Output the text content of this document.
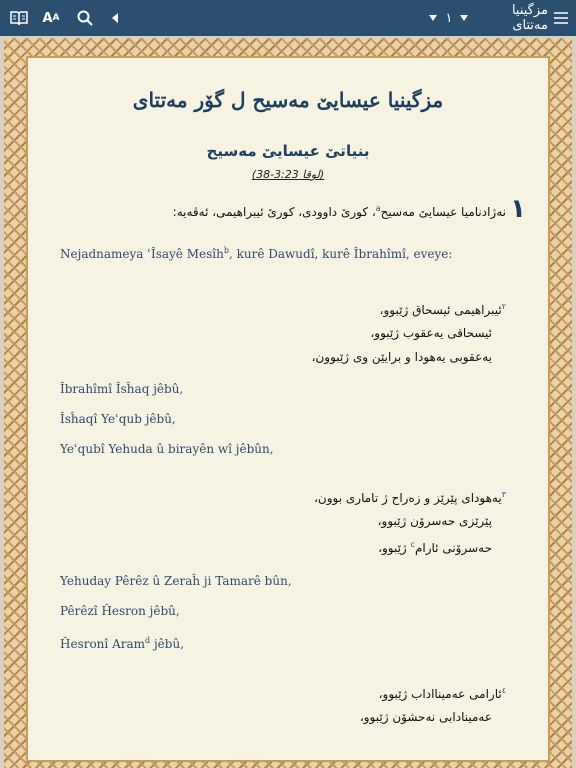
A A	١	مزگینیا مەتتای
مزگینیا عیسایێ مەسیح ل گۆر مەتتای
بنیاتێ عیسایێ مەسیح
(لوقا 3:23-38)
١
نەژادناميا عیسایێ مەسیح$^a$، کورێ داوودی، کورێ ئیبراهیمی، ئەڤەیە:
Nejadnameya ʿÎsayê Mesîh$^b$, kurê Dawudî, kurê Îbrahîmî, eveye:
$^٢$ئیبراهیمی ئیسحاق ژێبوو،
ئیسحاقی یەعقوب ژێبوو،
یەعقوبی یەهودا و برایێن وی ژێبوون،
Îbrahîmî Îsĥaq jêbû,
Îsĥaqî Yeʿqub jêbû,
Yeʿqubî Yehuda û birayên wî jêbûn,
$^٣$یەهودای پێرێز و زەراح ژ تاماری بوون،
پێرێزی حەسرۆن ژێبوو،
حەسرۆنی ئارام$^c$ ژێبوو،
Yehuday Pêrêz û Zeraĥ ji Tamarê bûn,
Pêrêzî Ĥesron jêbû,
Ĥesronî Aram$^d$ jêbû,
$^٤$ئارامی عەمینااداب ژێبوو،
عەمینادابی نەحشۆن ژێبوو،
